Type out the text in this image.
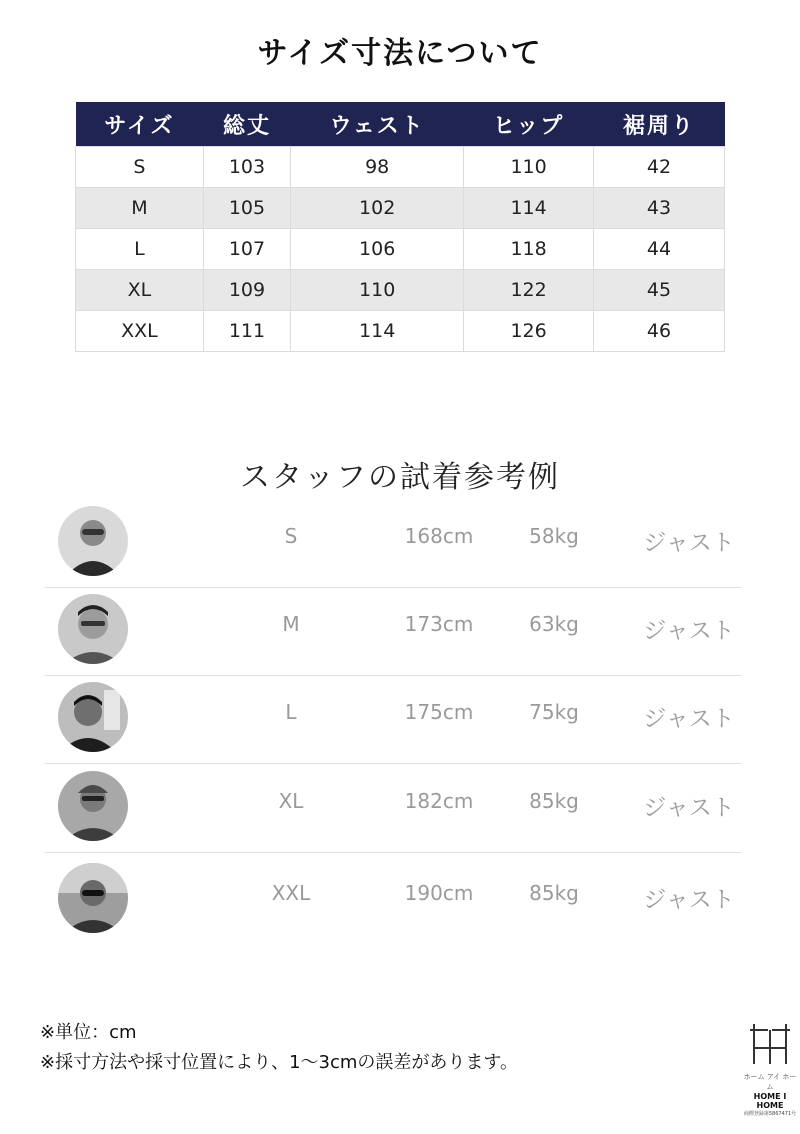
サイズ寸法について
サイズ	総丈	ウェスト	ヒップ	裾周り
S	103	98	110	42
M	105	102	114	43
L	107	106	118	44
XL	109	110	122	45
XXL	111	114	126	46
スタッフの試着参考例
S	168cm	58kg	ジャスト
M	173cm	63kg	ジャスト
L	175cm	75kg	ジャスト
XL	182cm	85kg	ジャスト
XXL	190cm	85kg	ジャスト
※単位：cm
※採寸方法や採寸位置により、1～3cmの誤差があります。
ホーム アイ ホーム
HOME I HOME
商標登録第5867471号
